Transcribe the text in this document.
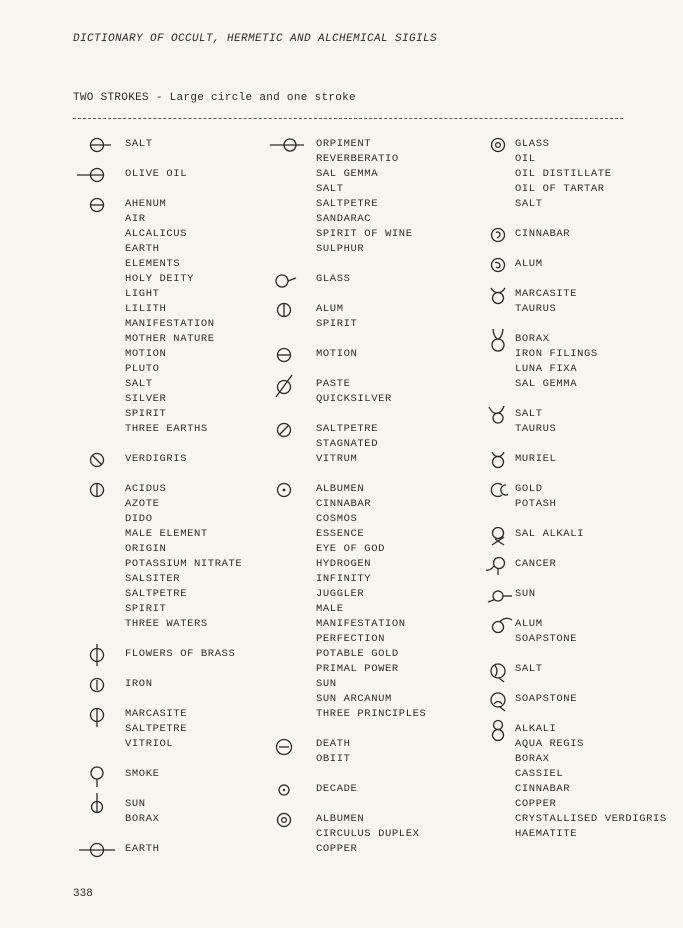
DICTIONARY OF OCCULT, HERMETIC AND ALCHEMICAL SIGILS
TWO STROKES - Large circle and one stroke
SALT
OLIVE OIL
AHENUM
AIR
ALCALICUS
EARTH
ELEMENTS
HOLY DEITY
LIGHT
LILITH
MANIFESTATION
MOTHER NATURE
MOTION
PLUTO
SALT
SILVER
SPIRIT
THREE EARTHS
VERDIGRIS
ACIDUS
AZOTE
DIDO
MALE ELEMENT
ORIGIN
POTASSIUM NITRATE
SALSITER
SALTPETRE
SPIRIT
THREE WATERS
FLOWERS OF BRASS
IRON
MARCASITE
SALTPETRE
VITRIOL
SMOKE
SUN
BORAX
EARTH
ORPIMENT
REVERBERATIO
SAL GEMMA
SALT
SALTPETRE
SANDARAC
SPIRIT OF WINE
SULPHUR
GLASS
ALUM
SPIRIT
MOTION
PASTE
QUICKSILVER
SALTPETRE
STAGNATED
VITRUM
ALBUMEN
CINNABAR
COSMOS
ESSENCE
EYE OF GOD
HYDROGEN
INFINITY
JUGGLER
MALE
MANIFESTATION
PERFECTION
POTABLE GOLD
PRIMAL POWER
SUN
SUN ARCANUM
THREE PRINCIPLES
DEATH
OBIIT
DECADE
ALBUMEN
CIRCULUS DUPLEX
COPPER
GLASS
OIL
OIL DISTILLATE
OIL OF TARTAR
SALT
CINNABAR
ALUM
MARCASITE
TAURUS
BORAX
IRON FILINGS
LUNA FIXA
SAL GEMMA
SALT
TAURUS
MURIEL
GOLD
POTASH
SAL ALKALI
CANCER
SUN
ALUM
SOAPSTONE
SALT
SOAPSTONE
ALKALI
AQUA REGIS
BORAX
CASSIEL
CINNABAR
COPPER
CRYSTALLISED VERDIGRIS
HAEMATITE
338
